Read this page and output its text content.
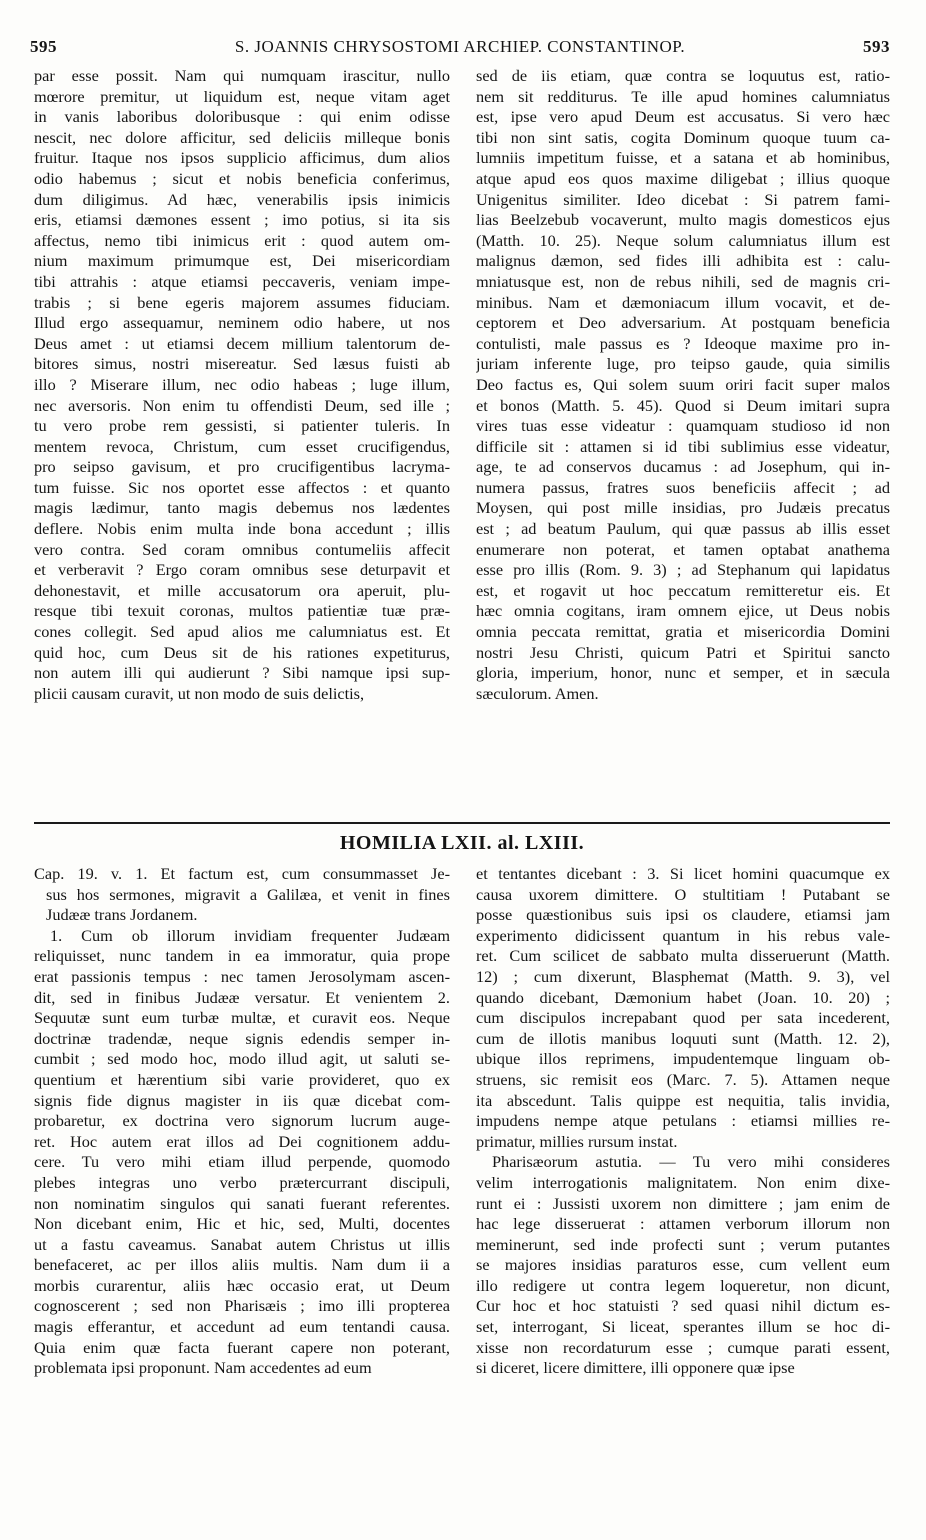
595	S. JOANNIS CHRYSOSTOMI ARCHIEP. CONSTANTINOP.	593
par esse possit. Nam qui numquam irascitur, nullo
mœrore premitur, ut liquidum est, neque vitam aget
in vanis laboribus doloribusque : qui enim odisse
nescit, nec dolore afficitur, sed deliciis milleque bonis
fruitur. Itaque nos ipsos supplicio afficimus, dum alios
odio habemus ; sicut et nobis beneficia conferimus,
dum diligimus. Ad hæc, venerabilis ipsis inimicis
eris, etiamsi dæmones essent ; imo potius, si ita sis
affectus, nemo tibi inimicus erit : quod autem om-
nium maximum primumque est, Dei misericordiam
tibi attrahis : atque etiamsi peccaveris, veniam impe-
trabis ; si bene egeris majorem assumes fiduciam.
Illud ergo assequamur, neminem odio habere, ut nos
Deus amet : ut etiamsi decem millium talentorum de-
bitores simus, nostri misereatur. Sed læsus fuisti ab
illo ? Miserare illum, nec odio habeas ; luge illum,
nec aversoris. Non enim tu offendisti Deum, sed ille ;
tu vero probe rem gessisti, si patienter tuleris. In
mentem revoca, Christum, cum esset crucifigendus,
pro seipso gavisum, et pro crucifigentibus lacryma-
tum fuisse. Sic nos oportet esse affectos : et quanto
magis lædimur, tanto magis debemus nos lædentes
deflere. Nobis enim multa inde bona accedunt ; illis
vero contra. Sed coram omnibus contumeliis affecit
et verberavit ? Ergo coram omnibus sese deturpavit et
dehonestavit, et mille accusatorum ora aperuit, plu-
resque tibi texuit coronas, multos patientiæ tuæ præ-
cones collegit. Sed apud alios me calumniatus est. Et
quid hoc, cum Deus sit de his rationes expetiturus,
non autem illi qui audierunt ? Sibi namque ipsi sup-
plicii causam curavit, ut non modo de suis delictis,
sed de iis etiam, quæ contra se loquutus est, ratio-
nem sit redditurus. Te ille apud homines calumniatus
est, ipse vero apud Deum est accusatus. Si vero hæc
tibi non sint satis, cogita Dominum quoque tuum ca-
lumniis impetitum fuisse, et a satana et ab hominibus,
atque apud eos quos maxime diligebat ; illius quoque
Unigenitus similiter. Ideo dicebat : Si patrem fami-
lias Beelzebub vocaverunt, multo magis domesticos ejus
(Matth. 10. 25). Neque solum calumniatus illum est
malignus dæmon, sed fides illi adhibita est : calu-
mniatusque est, non de rebus nihili, sed de magnis cri-
minibus. Nam et dæmoniacum illum vocavit, et de-
ceptorem et Deo adversarium. At postquam beneficia
contulisti, male passus es ? Ideoque maxime pro in-
juriam inferente luge, pro teipso gaude, quia similis
Deo factus es, Qui solem suum oriri facit super malos
et bonos (Matth. 5. 45). Quod si Deum imitari supra
vires tuas esse videatur : quamquam studioso id non
difficile sit : attamen si id tibi sublimius esse videatur,
age, te ad conservos ducamus : ad Josephum, qui in-
numera passus, fratres suos beneficiis affecit ; ad
Moysen, qui post mille insidias, pro Judæis precatus
est ; ad beatum Paulum, qui quæ passus ab illis esset
enumerare non poterat, et tamen optabat anathema
esse pro illis (Rom. 9. 3) ; ad Stephanum qui lapidatus
est, et rogavit ut hoc peccatum remitteretur eis. Et
hæc omnia cogitans, iram omnem ejice, ut Deus nobis
omnia peccata remittat, gratia et misericordia Domini
nostri Jesu Christi, quicum Patri et Spiritui sancto
gloria, imperium, honor, nunc et semper, et in sæcula
sæculorum. Amen.
HOMILIA LXII. al. LXIII.
Cap. 19. v. 1. Et factum est, cum consummasset Je-
sus hos sermones, migravit a Galilæa, et venit in fines
Judææ trans Jordanem.
1. Cum ob illorum invidiam frequenter Judæam
reliquisset, nunc tandem in ea immoratur, quia prope
erat passionis tempus : nec tamen Jerosolymam ascen-
dit, sed in finibus Judææ versatur. Et venientem 2.
Sequutæ sunt eum turbæ multæ, et curavit eos. Neque
doctrinæ tradendæ, neque signis edendis semper in-
cumbit ; sed modo hoc, modo illud agit, ut saluti se-
quentium et hærentium sibi varie provideret, quo ex
signis fide dignus magister in iis quæ dicebat com-
probaretur, ex doctrina vero signorum lucrum auge-
ret. Hoc autem erat illos ad Dei cognitionem addu-
cere. Tu vero mihi etiam illud perpende, quomodo
plebes integras uno verbo prætercurrant discipuli,
non nominatim singulos qui sanati fuerant referentes.
Non dicebant enim, Hic et hic, sed, Multi, docentes
ut a fastu caveamus. Sanabat autem Christus ut illis
benefaceret, ac per illos aliis multis. Nam dum ii a
morbis curarentur, aliis hæc occasio erat, ut Deum
cognoscerent ; sed non Pharisæis ; imo illi propterea
magis efferantur, et accedunt ad eum tentandi causa.
Quia enim quæ facta fuerant capere non poterant,
problemata ipsi proponunt. Nam accedentes ad eum
et tentantes dicebant : 3. Si licet homini quacumque ex
causa uxorem dimittere. O stultitiam ! Putabant se
posse quæstionibus suis ipsi os claudere, etiamsi jam
experimento didicissent quantum in his rebus vale-
ret. Cum scilicet de sabbato multa disseruerunt (Matth.
12) ; cum dixerunt, Blasphemat (Matth. 9. 3), vel
quando dicebant, Dæmonium habet (Joan. 10. 20) ;
cum discipulos increpabant quod per sata incederent,
cum de illotis manibus loquuti sunt (Matth. 12. 2),
ubique illos reprimens, impudentemque linguam ob-
struens, sic remisit eos (Marc. 7. 5). Attamen neque
ita abscedunt. Talis quippe est nequitia, talis invidia,
impudens nempe atque petulans : etiamsi millies re-
primatur, millies rursum instat.
Pharisæorum astutia. — Tu vero mihi consideres
velim interrogationis malignitatem. Non enim dixe-
runt ei : Jussisti uxorem non dimittere ; jam enim de
hac lege disseruerat : attamen verborum illorum non
meminerunt, sed inde profecti sunt ; verum putantes
se majores insidias paraturos esse, cum vellent eum
illo redigere ut contra legem loqueretur, non dicunt,
Cur hoc et hoc statuisti ? sed quasi nihil dictum es-
set, interrogant, Si liceat, sperantes illum se hoc di-
xisse non recordaturum esse ; cumque parati essent,
si diceret, licere dimittere, illi opponere quæ ipse
